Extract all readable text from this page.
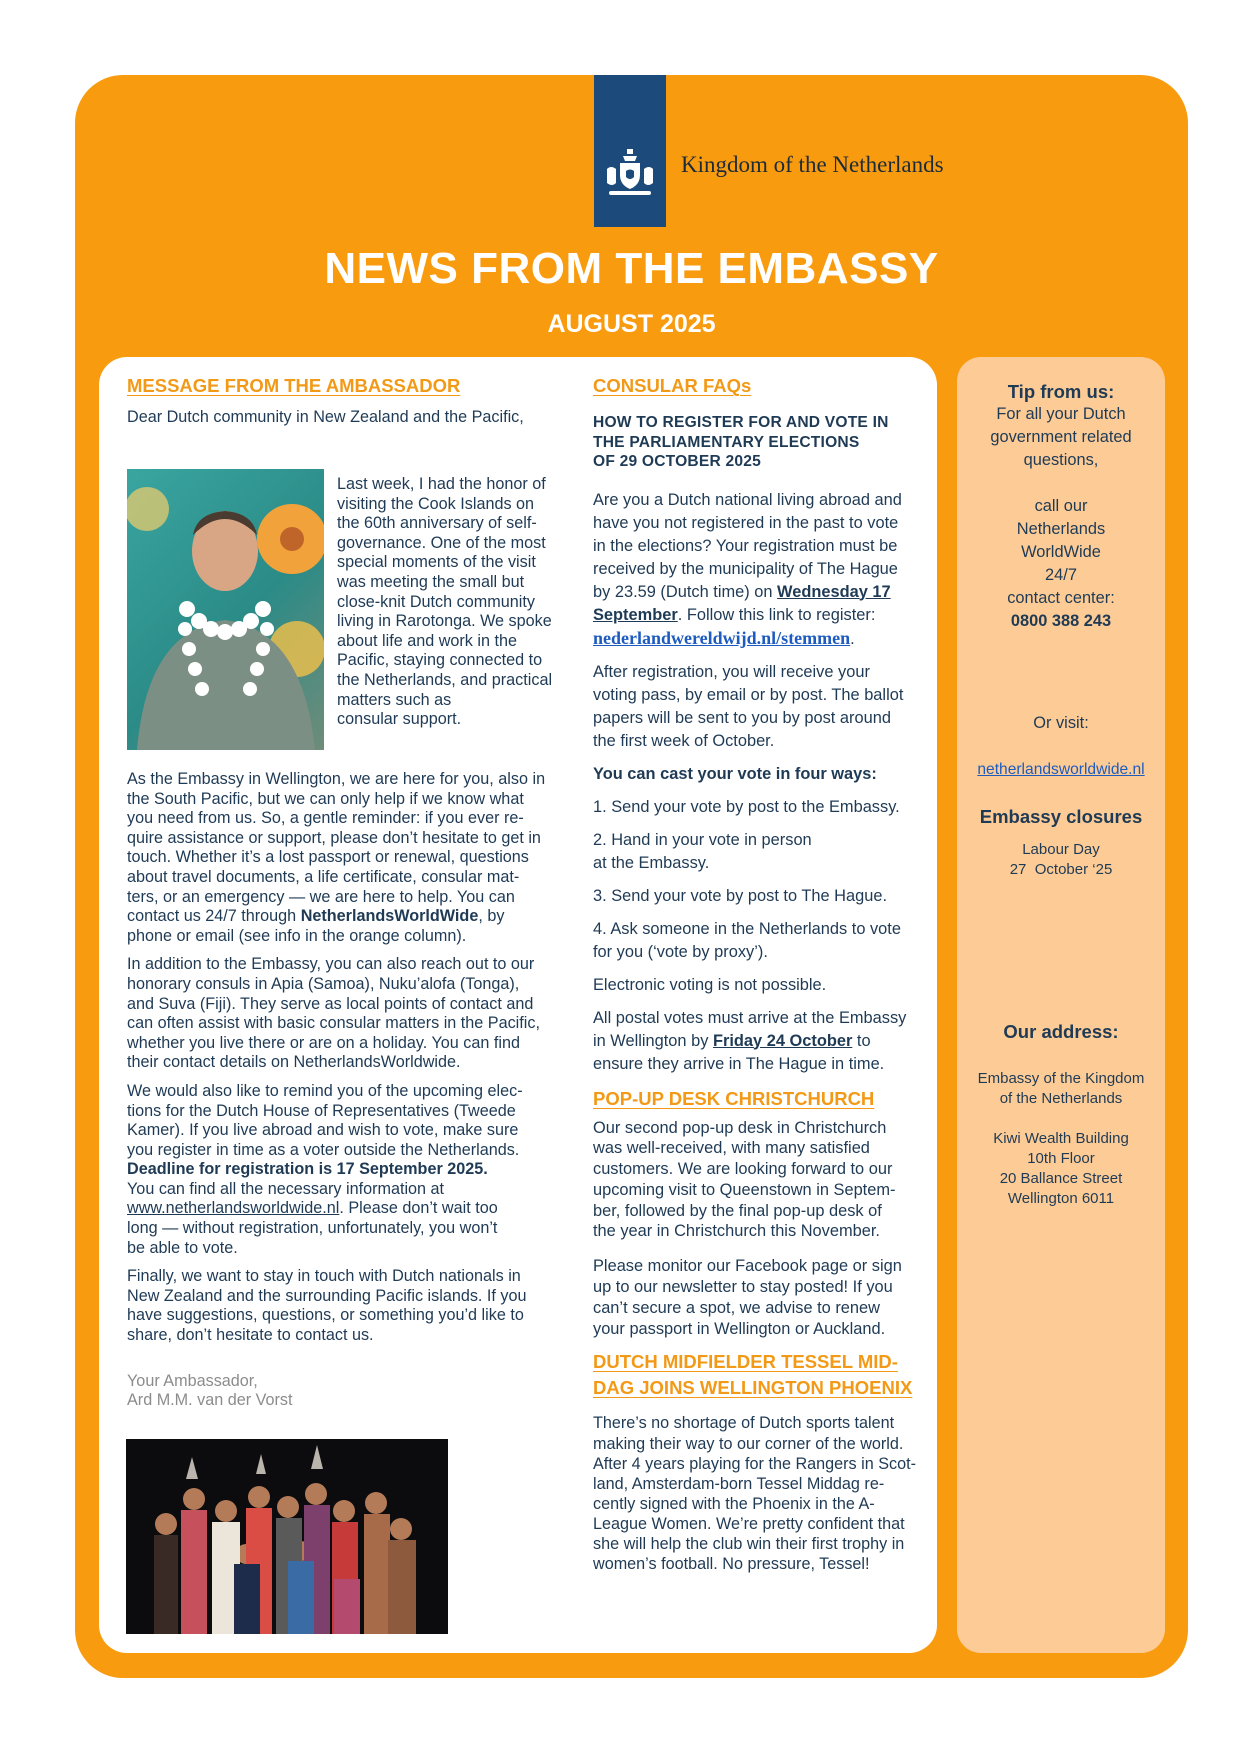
Kingdom of the Netherlands
NEWS FROM THE EMBASSY
AUGUST 2025
MESSAGE FROM THE AMBASSADOR
Dear Dutch community in New Zealand and the Pacific,
Last week, I had the honor of
visiting the Cook Islands on
the 60th anniversary of self-
governance. One of the most
special moments of the visit
was meeting the small but
close-knit Dutch community
living in Rarotonga. We spoke
about life and work in the
Pacific, staying connected to
the Netherlands, and practical
matters such as
consular support.
As the Embassy in Wellington, we are here for you, also in
the South Pacific, but we can only help if we know what
you need from us. So, a gentle reminder: if you ever re-
quire assistance or support, please don’t hesitate to get in
touch. Whether it’s a lost passport or renewal, questions
about travel documents, a life certificate, consular mat-
ters, or an emergency — we are here to help. You can
contact us 24/7 through NetherlandsWorldWide, by
phone or email (see info in the orange column).
In addition to the Embassy, you can also reach out to our
honorary consuls in Apia (Samoa), Nuku’alofa (Tonga),
and Suva (Fiji). They serve as local points of contact and
can often assist with basic consular matters in the Pacific,
whether you live there or are on a holiday. You can find
their contact details on NetherlandsWorldwide.
We would also like to remind you of the upcoming elec-
tions for the Dutch House of Representatives (Tweede
Kamer). If you live abroad and wish to vote, make sure
you register in time as a voter outside the Netherlands.
Deadline for registration is 17 September 2025.
You can find all the necessary information at
www.netherlandsworldwide.nl. Please don’t wait too
long — without registration, unfortunately, you won’t
be able to vote.
Finally, we want to stay in touch with Dutch nationals in
New Zealand and the surrounding Pacific islands. If you
have suggestions, questions, or something you’d like to
share, don’t hesitate to contact us.
Your Ambassador,
Ard M.M. van der Vorst
CONSULAR FAQs
HOW TO REGISTER FOR AND VOTE IN
THE PARLIAMENTARY ELECTIONS
OF 29 OCTOBER 2025
Are you a Dutch national living abroad and
have you not registered in the past to vote
in the elections? Your registration must be
received by the municipality of The Hague
by 23.59 (Dutch time) on Wednesday 17
September. Follow this link to register:
nederlandwereldwijd.nl/stemmen.
After registration, you will receive your
voting pass, by email or by post. The ballot
papers will be sent to you by post around
the first week of October.
You can cast your vote in four ways:
1. Send your vote by post to the Embassy.
2. Hand in your vote in person
at the Embassy.
3. Send your vote by post to The Hague.
4. Ask someone in the Netherlands to vote
for you (‘vote by proxy’).
Electronic voting is not possible.
All postal votes must arrive at the Embassy
in Wellington by Friday 24 October to
ensure they arrive in The Hague in time.
POP-UP DESK CHRISTCHURCH
Our second pop-up desk in Christchurch
was well-received, with many satisfied
customers. We are looking forward to our
upcoming visit to Queenstown in Septem-
ber, followed by the final pop-up desk of
the year in Christchurch this November.
Please monitor our Facebook page or sign
up to our newsletter to stay posted! If you
can’t secure a spot, we advise to renew
your passport in Wellington or Auckland.
DUTCH MIDFIELDER TESSEL MID-
DAG JOINS WELLINGTON PHOENIX
There’s no shortage of Dutch sports talent
making their way to our corner of the world.
After 4 years playing for the Rangers in Scot-
land, Amsterdam-born Tessel Middag re-
cently signed with the Phoenix in the A-
League Women. We’re pretty confident that
she will help the club win their first trophy in
women’s football. No pressure, Tessel!
Tip from us:
For all your Dutch
government related
questions,
call our
Netherlands
WorldWide
24/7
contact center:
0800 388 243
Or visit:
netherlandsworldwide.nl
Embassy closures
Labour Day
27  October ‘25
Our address:
Embassy of the Kingdom
of the Netherlands
Kiwi Wealth Building
10th Floor
20 Ballance Street
Wellington 6011
